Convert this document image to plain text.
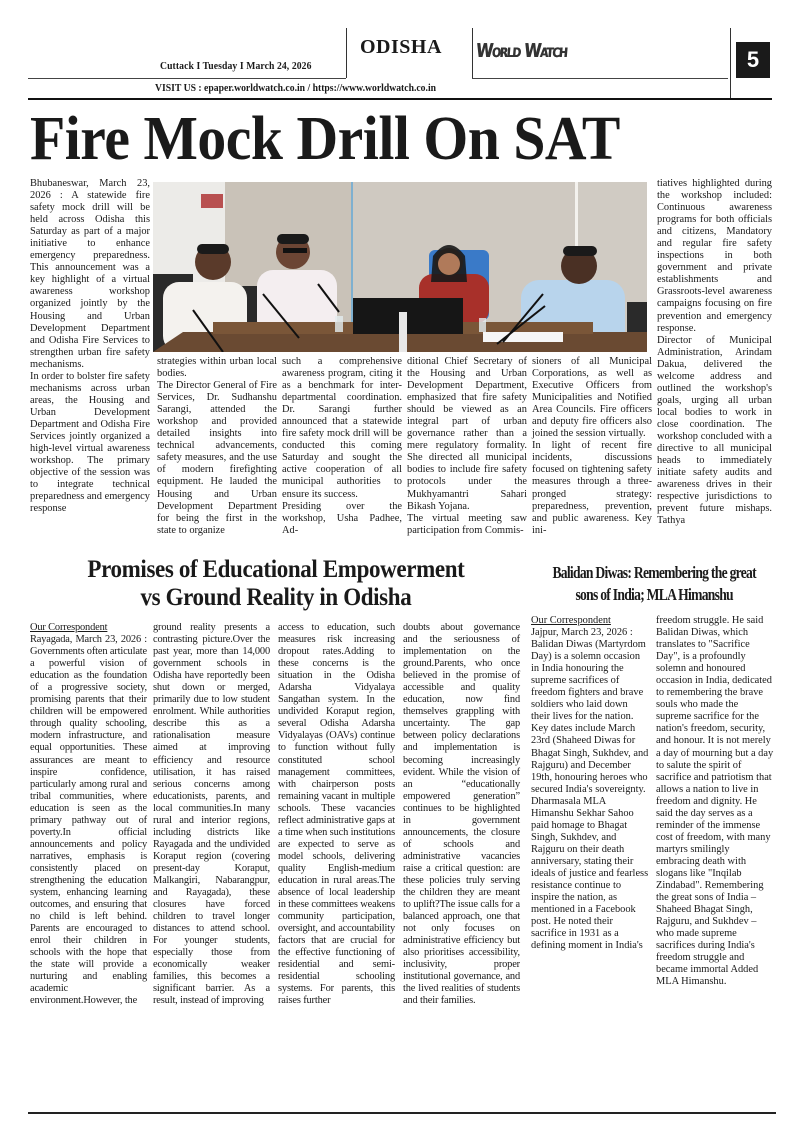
Cuttack I Tuesday I March 24, 2026
ODISHA WORLD WATCH	5
VISIT US : epaper.worldwatch.co.in / https://www.worldwatch.co.in
Fire Mock Drill On SAT

Bhubaneswar, March 23, 2026 : A statewide fire safety mock drill will be held across Odisha this Saturday as part of a major initiative to enhance emergency preparedness. This announcement was a key highlight of a virtual awareness workshop organized jointly by the Housing and Urban Development Department and Odisha Fire Services to strengthen urban fire safety mechanisms.

In order to bolster fire safety mechanisms across urban areas, the Housing and Urban Development Department and Odisha Fire Services jointly organized a high-level virtual awareness workshop. The primary objective of the session was to integrate technical preparedness and emergency response

strategies within urban local bodies.

The Director General of Fire Services, Dr. Sudhanshu Sarangi, attended the workshop and provided detailed insights into technical advancements, safety measures, and the use of modern firefighting equipment. He lauded the Housing and Urban Development Department for being the first in the state to organize

such a comprehensive awareness program, citing it as a benchmark for inter-departmental coordination. Dr. Sarangi further announced that a statewide fire safety mock drill will be conducted this coming Saturday and sought the active cooperation of all municipal authorities to ensure its success.

Presiding over the workshop, Usha Padhee, Ad-

ditional Chief Secretary of the Housing and Urban Development Department, emphasized that fire safety should be viewed as an integral part of urban governance rather than a mere regulatory formality. She directed all municipal bodies to include fire safety protocols under the Mukhyamantri Sahari Bikash Yojana.

The virtual meeting saw participation from Commis-

sioners of all Municipal Corporations, as well as Executive Officers from Municipalities and Notified Area Councils. Fire officers and deputy fire officers also joined the session virtually.

In light of recent fire incidents, discussions focused on tightening safety measures through a three-pronged strategy: preparedness, prevention, and public awareness. Key ini-

tiatives highlighted during the workshop included: Continuous awareness programs for both officials and citizens, Mandatory and regular fire safety inspections in both government and private establishments and Grassroots-level awareness campaigns focusing on fire prevention and emergency response.

Director of Municipal Administration, Arindam Dakua, delivered the welcome address and outlined the workshop's goals, urging all urban local bodies to work in close coordination. The workshop concluded with a directive to all municipal heads to immediately initiate safety audits and awareness drives in their respective jurisdictions to prevent future mishaps. Tathya

Promises of Educational Empowerment
vs Ground Reality in Odisha
Our Correspondent

Rayagada, March 23, 2026 : Governments often articulate a powerful vision of education as the foundation of a progressive society, promising parents that their children will be empowered through quality schooling, modern infrastructure, and equal opportunities. These assurances are meant to inspire confidence, particularly among rural and tribal communities, where education is seen as the primary pathway out of poverty.In official announcements and policy narratives, emphasis is consistently placed on strengthening the education system, enhancing learning outcomes, and ensuring that no child is left behind. Parents are encouraged to enrol their children in schools with the hope that the state will provide a nurturing and enabling academic environment.However, the

ground reality presents a contrasting picture.Over the past year, more than 14,000 government schools in Odisha have reportedly been shut down or merged, primarily due to low student enrolment. While authorities describe this as a rationalisation measure aimed at improving efficiency and resource utilisation, it has raised serious concerns among educationists, parents, and local communities.In many rural and interior regions, including districts like Rayagada and the undivided Koraput region (covering present-day Koraput, Malkangiri, Nabarangpur, and Rayagada), these closures have forced children to travel longer distances to attend school. For younger students, especially those from economically weaker families, this becomes a significant barrier. As a result, instead of improving

access to education, such measures risk increasing dropout rates.Adding to these concerns is the situation in the Odisha Adarsha Vidyalaya Sangathan system. In the undivided Koraput region, several Odisha Adarsha Vidyalayas (OAVs) continue to function without fully constituted school management committees, with chairperson posts remaining vacant in multiple schools. These vacancies reflect administrative gaps at a time when such institutions are expected to serve as model schools, delivering quality English-medium education in rural areas.The absence of local leadership in these committees weakens community participation, oversight, and accountability factors that are crucial for the effective functioning of residential and semi-residential schooling systems. For parents, this raises further

doubts about governance and the seriousness of implementation on the ground.Parents, who once believed in the promise of accessible and quality education, now find themselves grappling with uncertainty. The gap between policy declarations and implementation is becoming increasingly evident. While the vision of an “educationally empowered generation” continues to be highlighted in government announcements, the closure of schools and administrative vacancies raise a critical question: are these policies truly serving the children they are meant to uplift?The issue calls for a balanced approach, one that not only focuses on administrative efficiency but also prioritises accessibility, inclusivity, proper institutional governance, and the lived realities of students and their families.

Balidan Diwas: Remembering the great
sons of India; MLA Himanshu
Our Correspondent

Jajpur, March 23, 2026 : Balidan Diwas (Martyrdom Day) is a solemn occasion in India honouring the supreme sacrifices of freedom fighters and brave soldiers who laid down their lives for the nation. Key dates include March 23rd (Shaheed Diwas for Bhagat Singh, Sukhdev, and Rajguru) and December 19th, honouring heroes who secured India's sovereignty. Dharmasala MLA Himanshu Sekhar Sahoo paid homage to Bhagat Singh, Sukhdev, and Rajguru on their death anniversary, stating their ideals of justice and fearless resistance continue to inspire the nation, as mentioned in a Facebook post. He noted their sacrifice in 1931 as a defining moment in India's

freedom struggle. He said Balidan Diwas, which translates to "Sacrifice Day", is a profoundly solemn and honoured occasion in India, dedicated to remembering the brave souls who made the supreme sacrifice for the nation's freedom, security, and honour. It is not merely a day of mourning but a day to salute the spirit of sacrifice and patriotism that allows a nation to live in freedom and dignity. He said the day serves as a reminder of the immense cost of freedom, with many martyrs smilingly embracing death with slogans like "Inqilab Zindabad". Remembering the great sons of India – Shaheed Bhagat Singh, Rajguru, and Sukhdev – who made supreme sacrifices during India's freedom struggle and became immortal Added MLA Himanshu.
